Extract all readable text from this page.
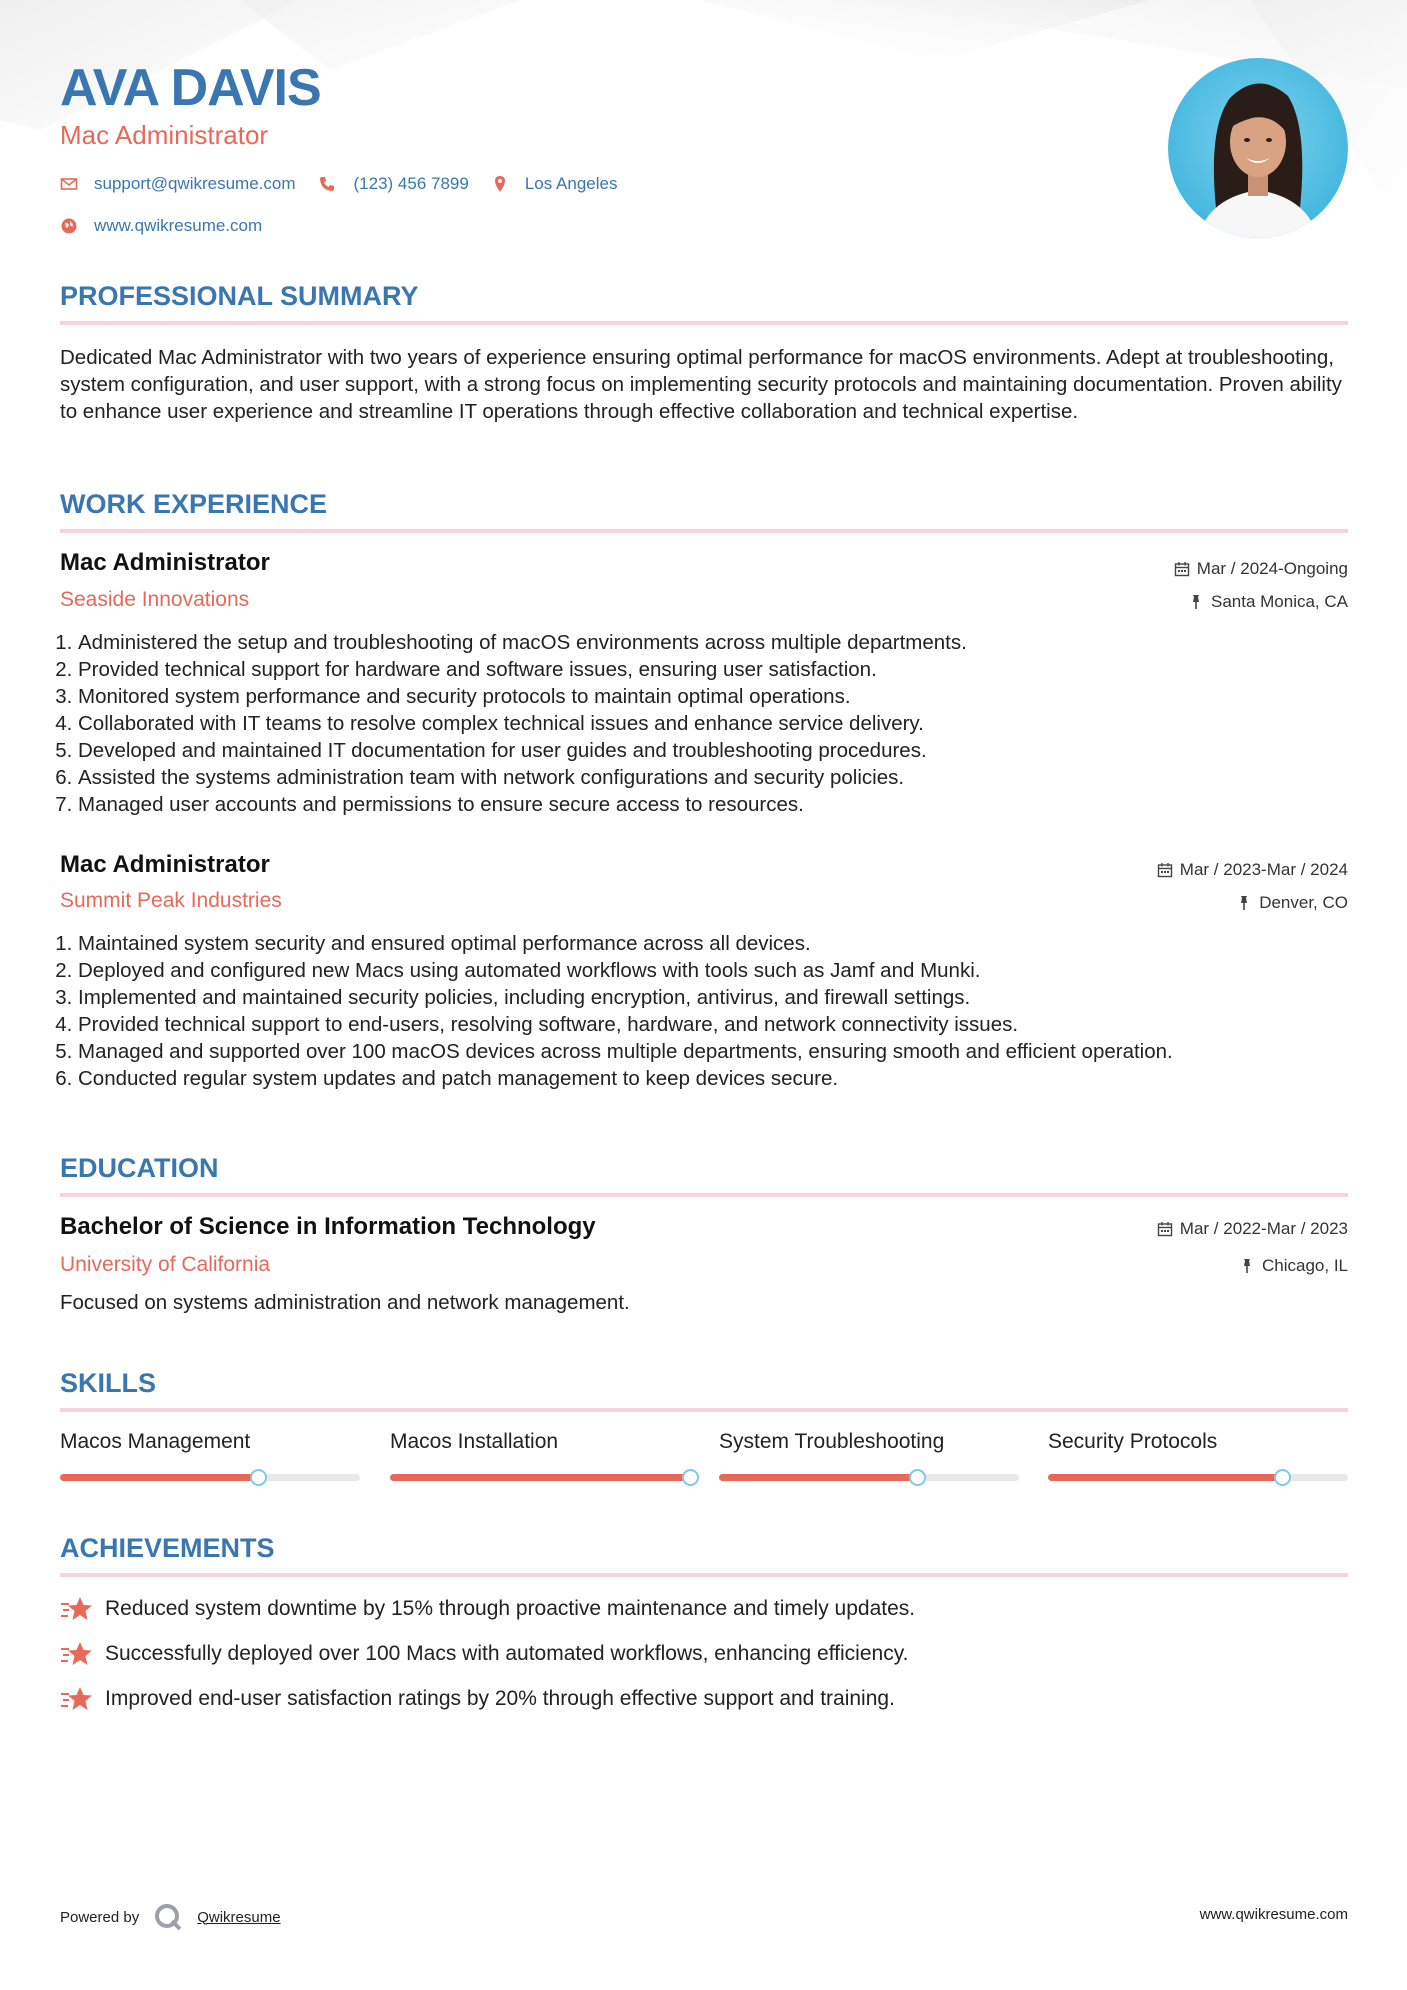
AVA DAVIS
Mac Administrator
support@qwikresume.com	(123) 456 7899	Los Angeles
www.qwikresume.com
PROFESSIONAL SUMMARY

Dedicated Mac Administrator with two years of experience ensuring optimal performance for macOS environments. Adept at troubleshooting, system configuration, and user support, with a strong focus on implementing security protocols and maintaining documentation. Proven ability to enhance user experience and streamline IT operations through effective collaboration and technical expertise.

WORK EXPERIENCE
Mac Administrator
Seaside Innovations
Mar / 2024-Ongoing
Santa Monica, CA
1. Administered the setup and troubleshooting of macOS environments across multiple departments.
2. Provided technical support for hardware and software issues, ensuring user satisfaction.
3. Monitored system performance and security protocols to maintain optimal operations.
4. Collaborated with IT teams to resolve complex technical issues and enhance service delivery.
5. Developed and maintained IT documentation for user guides and troubleshooting procedures.
6. Assisted the systems administration team with network configurations and security policies.
7. Managed user accounts and permissions to ensure secure access to resources.
Mac Administrator
Summit Peak Industries
Mar / 2023-Mar / 2024
Denver, CO
1. Maintained system security and ensured optimal performance across all devices.
2. Deployed and configured new Macs using automated workflows with tools such as Jamf and Munki.
3. Implemented and maintained security policies, including encryption, antivirus, and firewall settings.
4. Provided technical support to end-users, resolving software, hardware, and network connectivity issues.
5. Managed and supported over 100 macOS devices across multiple departments, ensuring smooth and efficient operation.
6. Conducted regular system updates and patch management to keep devices secure.
EDUCATION
Bachelor of Science in Information Technology
University of California
Mar / 2022-Mar / 2023
Chicago, IL

Focused on systems administration and network management.

SKILLS
Macos Management	Macos Installation	System Troubleshooting	Security Protocols
ACHIEVEMENTS
Reduced system downtime by 15% through proactive maintenance and timely updates.
Successfully deployed over 100 Macs with automated workflows, enhancing efficiency.
Improved end-user satisfaction ratings by 20% through effective support and training.
Powered by	Qwikresume	www.qwikresume.com
